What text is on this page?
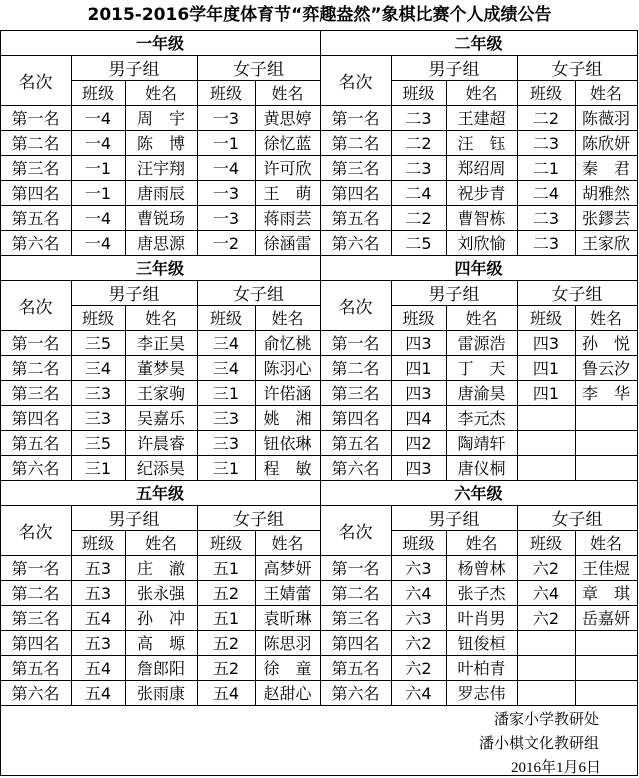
2015-2016学年度体育节“弈趣盎然”象棋比赛个人成绩公告
一年级
名次
男子组	女子组
班级	姓名	班级	姓名
第一名	一4	周　宇	一3	黄思婷
第二名	一4	陈　博	一1	徐忆蓝
第三名	一1	汪宇翔	一4	许可欣
第四名	一1	唐雨辰	一3	王　萌
第五名	一4	曹锐玚	一3	蒋雨芸
第六名	一4	唐思源	一2	徐涵雷
二年级
名次
男子组	女子组
班级	姓名	班级	姓名
第一名	二3	王建超	二2	陈薇羽
第二名	二2	汪　钰	二3	陈欣妍
第三名	二3	郑绍周	二1	秦　君
第四名	二4	祝步青	二4	胡雅然
第五名	二2	曹智栋	二3	张鏐芸
第六名	二5	刘欣愉	二3	王家欣
三年级
名次
男子组	女子组
班级	姓名	班级	姓名
第一名	三5	李正昊	三4	俞忆桃
第二名	三4	董梦昊	三4	陈羽心
第三名	三3	王家驹	三1	许偌涵
第四名	三3	吴嘉乐	三3	姚　湘
第五名	三5	许晨睿	三3	钮依琳
第六名	三1	纪添昊	三1	程　敏
四年级
名次
男子组	女子组
班级	姓名	班级	姓名
第一名	四3	雷源浩	四3	孙　悦
第二名	四1	丁　天	四1	鲁云汐
第三名	四3	唐渝昊	四1	李　华
第四名	四4	李元杰
第五名	四2	陶靖轩
第六名	四3	唐仪桐
五年级
名次
男子组	女子组
班级	姓名	班级	姓名
第一名	五3	庄　澈	五1	高梦妍
第二名	五3	张永强	五2	王婧蕾
第三名	五4	孙　冲	五1	袁昕琳
第四名	五3	高　塬	五2	陈思羽
第五名	五4	詹郎阳	五2	徐　童
第六名	五4	张雨康	五4	赵甜心
六年级
名次
男子组	女子组
班级	姓名	班级	姓名
第一名	六3	杨曾林	六2	王佳煜
第二名	六4	张子杰	六4	章　琪
第三名	六3	叶肖男	六2	岳嘉妍
第四名	六2	钮俊桓
第五名	六2	叶柏青
第六名	六4	罗志伟
潘家小学教研处
潘小棋文化教研组
2016年1月6日
